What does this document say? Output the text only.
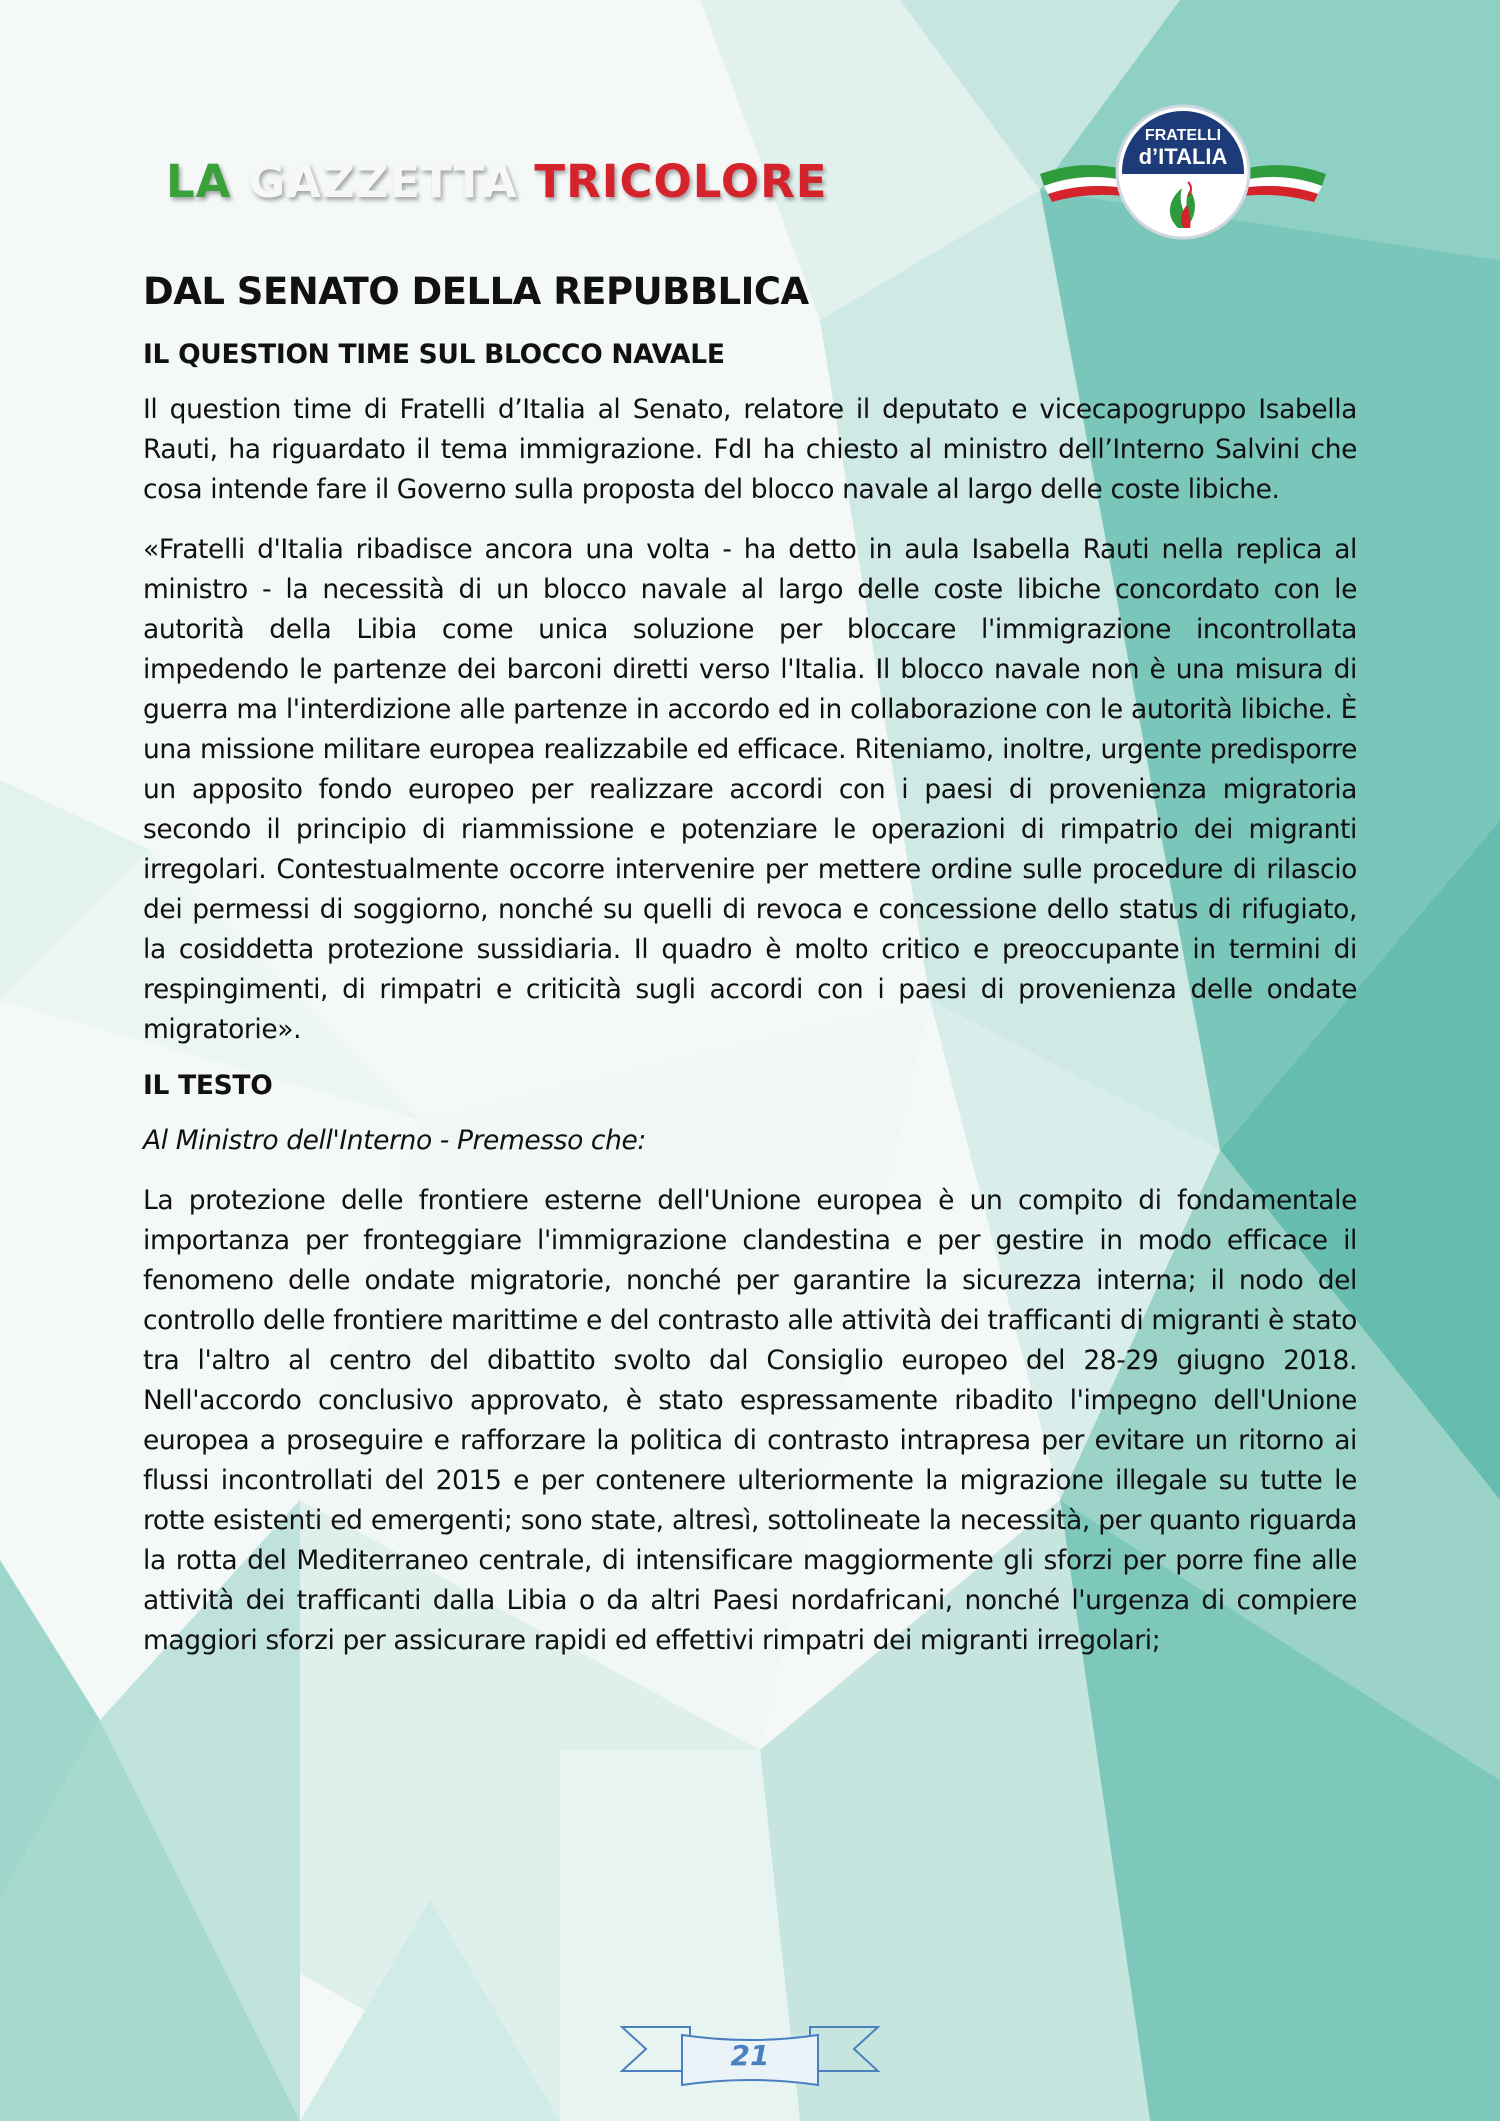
LA GAZZETTA TRICOLORE
FRATELLI
d’ITALIA
DAL SENATO DELLA REPUBBLICA
IL QUESTION TIME SUL BLOCCO NAVALE

Il question time di Fratelli d’Italia al Senato, relatore il deputato e vicecapogruppo Isabella Rauti, ha riguardato il tema immigrazione. FdI ha chiesto al ministro dell’Interno Salvini che cosa intende fare il Governo sulla proposta del blocco navale al largo delle coste libiche.

«Fratelli d'Italia ribadisce ancora una volta - ha detto in aula Isabella Rauti nella replica al ministro - la necessità di un blocco navale al largo delle coste libiche concordato con le autorità della Libia come unica soluzione per bloccare l'immigrazione incontrollata impedendo le partenze dei barconi diretti verso l'Italia. Il blocco navale non è una misura di guerra ma l'interdizione alle partenze in accordo ed in collaborazione con le autorità libiche. È una missione militare europea realizzabile ed efficace. Riteniamo, inoltre, urgente predisporre un apposito fondo europeo per realizzare accordi con i paesi di provenienza migratoria secondo il principio di riammissione e potenziare le operazioni di rimpatrio dei migranti irregolari. Contestualmente occorre intervenire per mettere ordine sulle procedure di rilascio dei permessi di soggiorno, nonché su quelli di revoca e concessione dello status di rifugiato, la cosiddetta protezione sussidiaria. Il quadro è molto critico e preoccupante in termini di respingimenti, di rimpatri e criticità sugli accordi con i paesi di provenienza delle ondate migratorie».

IL TESTO

Al Ministro dell'Interno - Premesso che:

La protezione delle frontiere esterne dell'Unione europea è un compito di fondamentale importanza per fronteggiare l'immigrazione clandestina e per gestire in modo efficace il fenomeno delle ondate migratorie, nonché per garantire la sicurezza interna; il nodo del controllo delle frontiere marittime e del contrasto alle attività dei trafficanti di migranti è stato tra l'altro al centro del dibattito svolto dal Consiglio europeo del 28-29 giugno 2018. Nell'accordo conclusivo approvato, è stato espressamente ribadito l'impegno dell'Unione europea a proseguire e rafforzare la politica di contrasto intrapresa per evitare un ritorno ai flussi incontrollati del 2015 e per contenere ulteriormente la migrazione illegale su tutte le rotte esistenti ed emergenti; sono state, altresì, sottolineate la necessità, per quanto riguarda la rotta del Mediterraneo centrale, di intensificare maggiormente gli sforzi per porre fine alle attività dei trafficanti dalla Libia o da altri Paesi nordafricani, nonché l'urgenza di compiere maggiori sforzi per assicurare rapidi ed effettivi rimpatri dei migranti irregolari;

21
